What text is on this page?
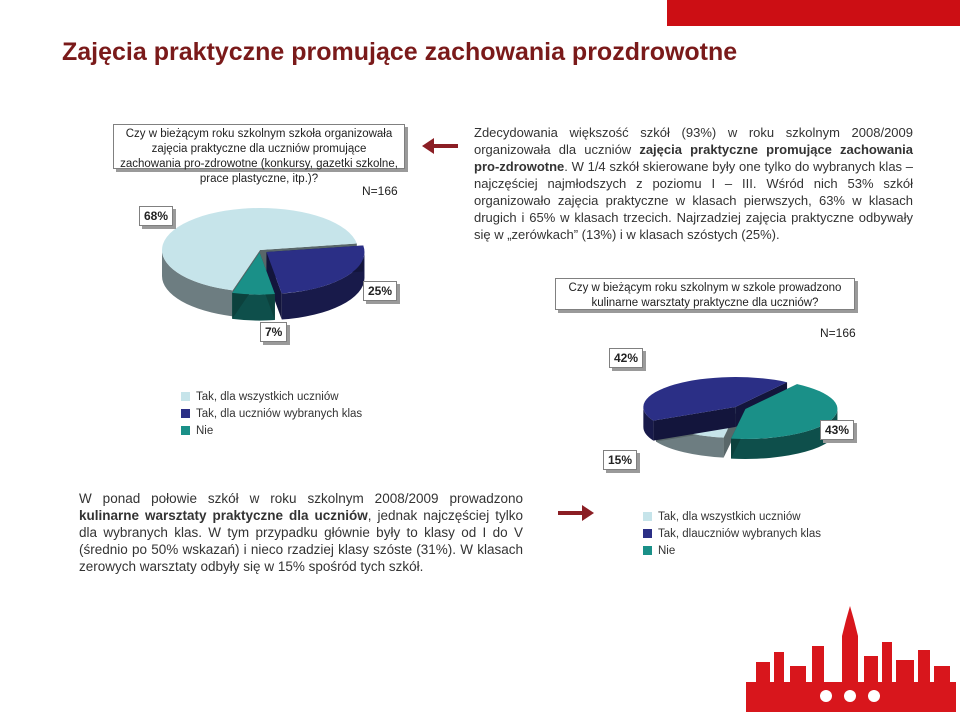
Zajęcia praktyczne promujące zachowania prozdrowotne
Czy w bieżącym roku szkolnym szkoła organizowała zajęcia praktyczne dla uczniów promujące zachowania pro-zdrowotne (konkursy, gazetki szkolne, prace plastyczne, itp.)?
N=166
68%
25%
7%
Zdecydowania większość szkół (93%) w roku szkolnym 2008/2009 organizowała dla uczniów zajęcia praktyczne promujące zachowania pro-zdrowotne. W 1/4 szkół skierowane były one tylko do wybranych klas – najczęściej najmłodszych z poziomu I – III. Wśród nich 53% szkół organizowało zajęcia praktyczne w klasach pierwszych, 63% w klasach drugich i 65% w klasach trzecich. Najrzadziej zajęcia praktyczne odbywały się w „zerówkach” (13%) i w klasach szóstych (25%).
Czy w bieżącym roku szkolnym w szkole prowadzono kulinarne warsztaty praktyczne dla uczniów?
N=166
Tak, dla wszystkich uczniów
Tak, dla uczniów wybranych klas
Nie
42%
43%
15%
W ponad połowie szkół w roku szkolnym 2008/2009 prowadzono kulinarne warsztaty praktyczne dla uczniów, jednak najczęściej tylko dla wybranych klas. W tym przypadku głównie były to klasy od I do V (średnio po 50% wskazań) i nieco rzadziej klasy szóste (31%). W klasach zerowych warsztaty odbyły się w 15% spośród tych szkół.
Tak, dla wszystkich uczniów
Tak, dlauczniów wybranych klas
Nie
